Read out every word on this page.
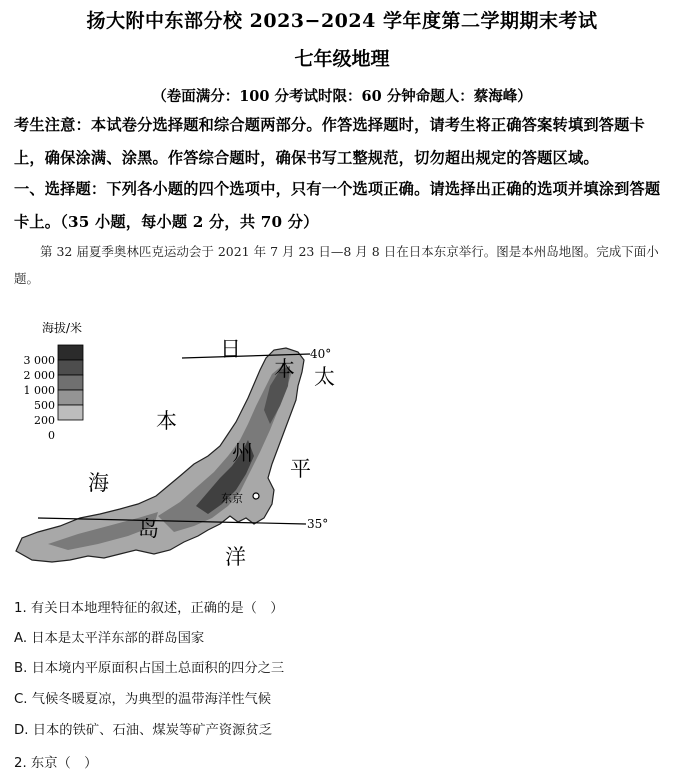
扬大附中东部分校 2023−2024 学年度第二学期期末考试
七年级地理
（卷面满分：100 分考试时限：60 分钟命题人：蔡海峰）
考生注意：本试卷分选择题和综合题两部分。作答选择题时，请考生将正确答案转填到答题卡上，确保涂满、涂黑。作答综合题时，确保书写工整规范，切勿超出规定的答题区域。
一、选择题：下列各小题的四个选项中，只有一个选项正确。请选择出正确的选项并填涂到答题卡上。（35 小题，每小题 2 分，共 70 分）
第 32 届夏季奥林匹克运动会于 2021 年 7 月 23 日—8 月 8 日在日本东京举行。图是本州岛地图。完成下面小题。
海拔/米
3 000
2 000
1 000
500
200
0
40°
35°
日
本
海
太
平
洋
本
州
岛
东京
1. 有关日本地理特征的叙述，正确的是（　）
A. 日本是太平洋东部的群岛国家
B. 日本境内平原面积占国土总面积的四分之三
C. 气候冬暖夏凉，为典型的温带海洋性气候
D. 日本的铁矿、石油、煤炭等矿产资源贫乏
2. 东京（　）
